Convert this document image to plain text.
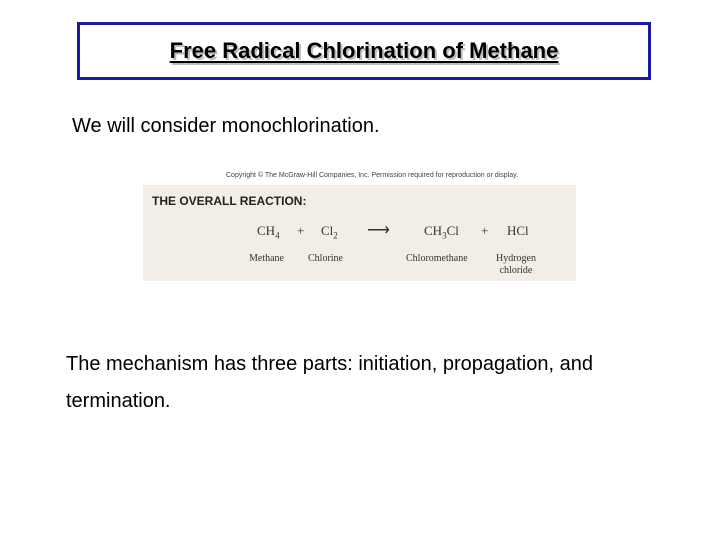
Free Radical Chlorination of Methane
We will consider monochlorination.
Copyright © The McGraw-Hill Companies, Inc. Permission required for reproduction or display.
THE OVERALL REACTION:
$CH_4 + Cl_2$ ⟶	$CH_3Cl$ + HCl
Methane Chlorine	Chloromethane	Hydrogen
chloride
The mechanism has three parts: initiation, propagation, and termination.
